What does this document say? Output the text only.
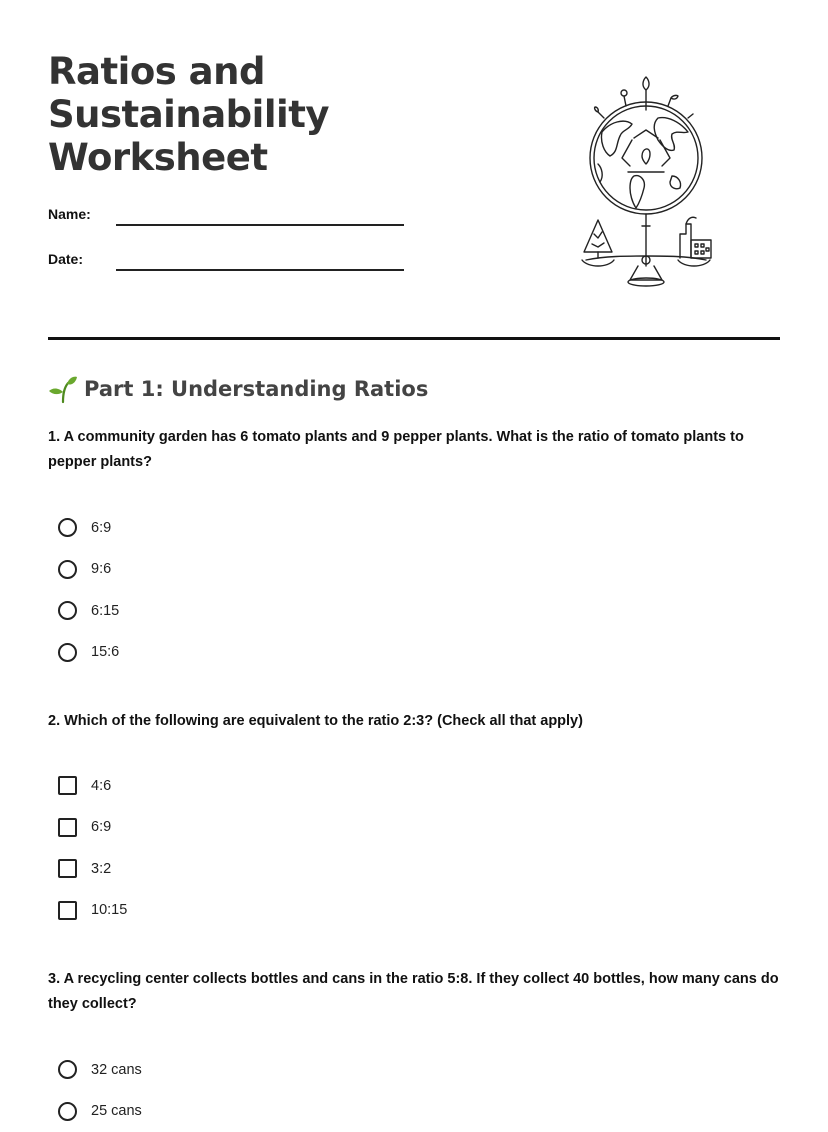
Ratios and Sustainability Worksheet
Name:
Date:
Part 1: Understanding Ratios
1. A community garden has 6 tomato plants and 9 pepper plants. What is the ratio of tomato plants to pepper plants?
6:9
9:6
6:15
15:6
2. Which of the following are equivalent to the ratio 2:3? (Check all that apply)
4:6
6:9
3:2
10:15
3. A recycling center collects bottles and cans in the ratio 5:8. If they collect 40 bottles, how many cans do they collect?
32 cans
25 cans
